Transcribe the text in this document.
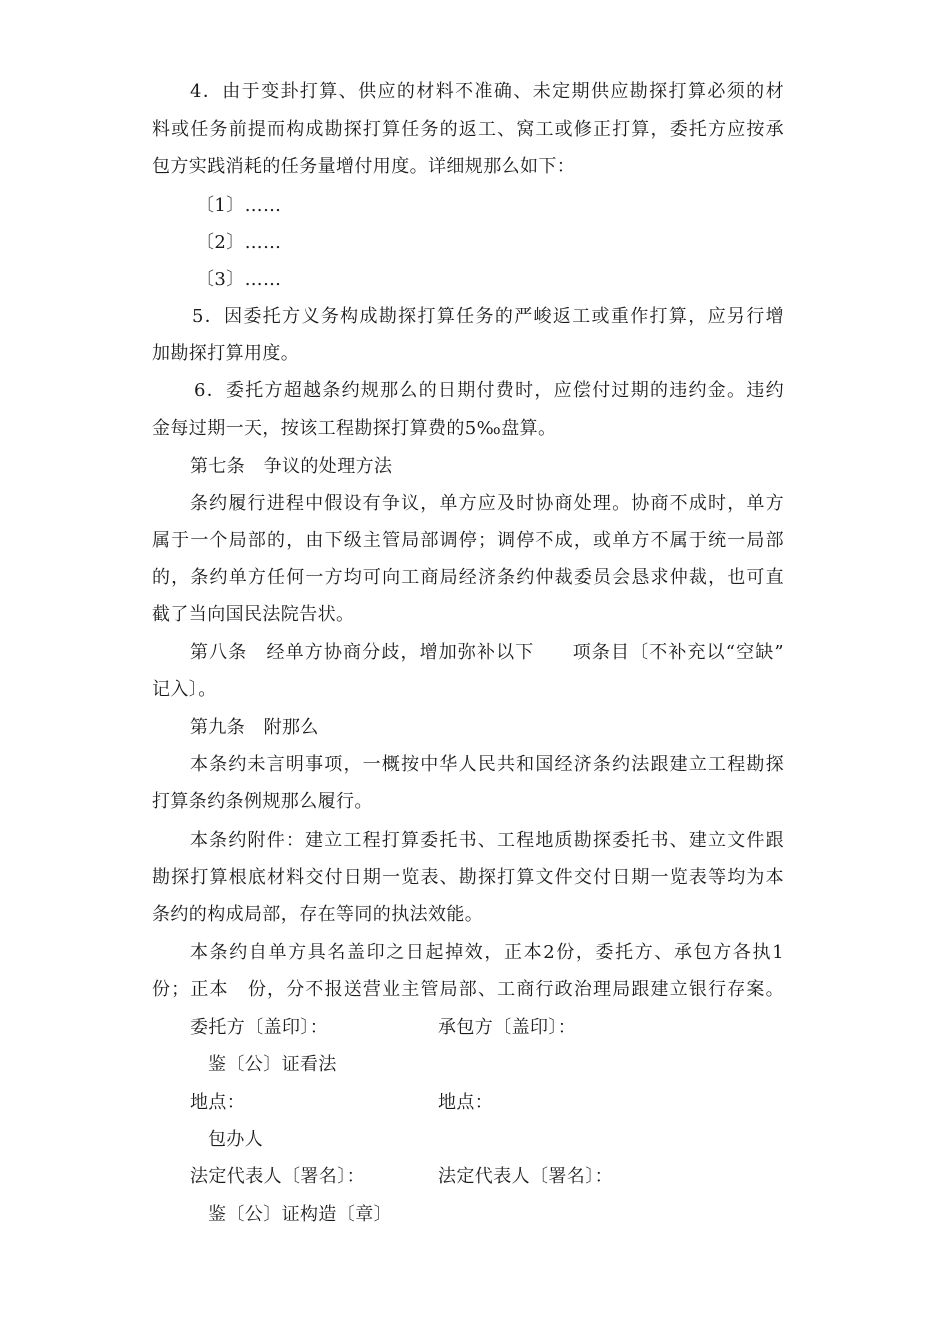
4．由于变卦打算、供应的材料不准确、未定期供应勘探打算必须的材
料或任务前提而构成勘探打算任务的返工、窝工或修正打算，委托方应按承
包方实践消耗的任务量增付用度。详细规那么如下：
〔1〕……
〔2〕……
〔3〕……
5．因委托方义务构成勘探打算任务的严峻返工或重作打算，应另行增
加勘探打算用度。
6．委托方超越条约规那么的日期付费时，应偿付过期的违约金。违约
金每过期一天，按该工程勘探打算费的5‰盘算。
第七条　争议的处理方法
条约履行进程中假设有争议，单方应及时协商处理。协商不成时，单方
属于一个局部的，由下级主管局部调停；调停不成，或单方不属于统一局部
的，条约单方任何一方均可向工商局经济条约仲裁委员会恳求仲裁，也可直
截了当向国民法院告状。
第八条　经单方协商分歧，增加弥补以下　　项条目〔不补充以“空缺”
记入〕。
第九条　附那么
本条约未言明事项，一概按中华人民共和国经济条约法跟建立工程勘探
打算条约条例规那么履行。
本条约附件：建立工程打算委托书、工程地质勘探委托书、建立文件跟
勘探打算根底材料交付日期一览表、勘探打算文件交付日期一览表等均为本
条约的构成局部，存在等同的执法效能。
本条约自单方具名盖印之日起掉效，正本2份，委托方、承包方各执1
份；正本　份，分不报送营业主管局部、工商行政治理局跟建立银行存案。
委托方〔盖印〕：	承包方〔盖印〕：
鉴〔公〕证看法
地点：	地点：
包办人
法定代表人〔署名〕：	法定代表人〔署名〕：
鉴〔公〕证构造〔章〕
